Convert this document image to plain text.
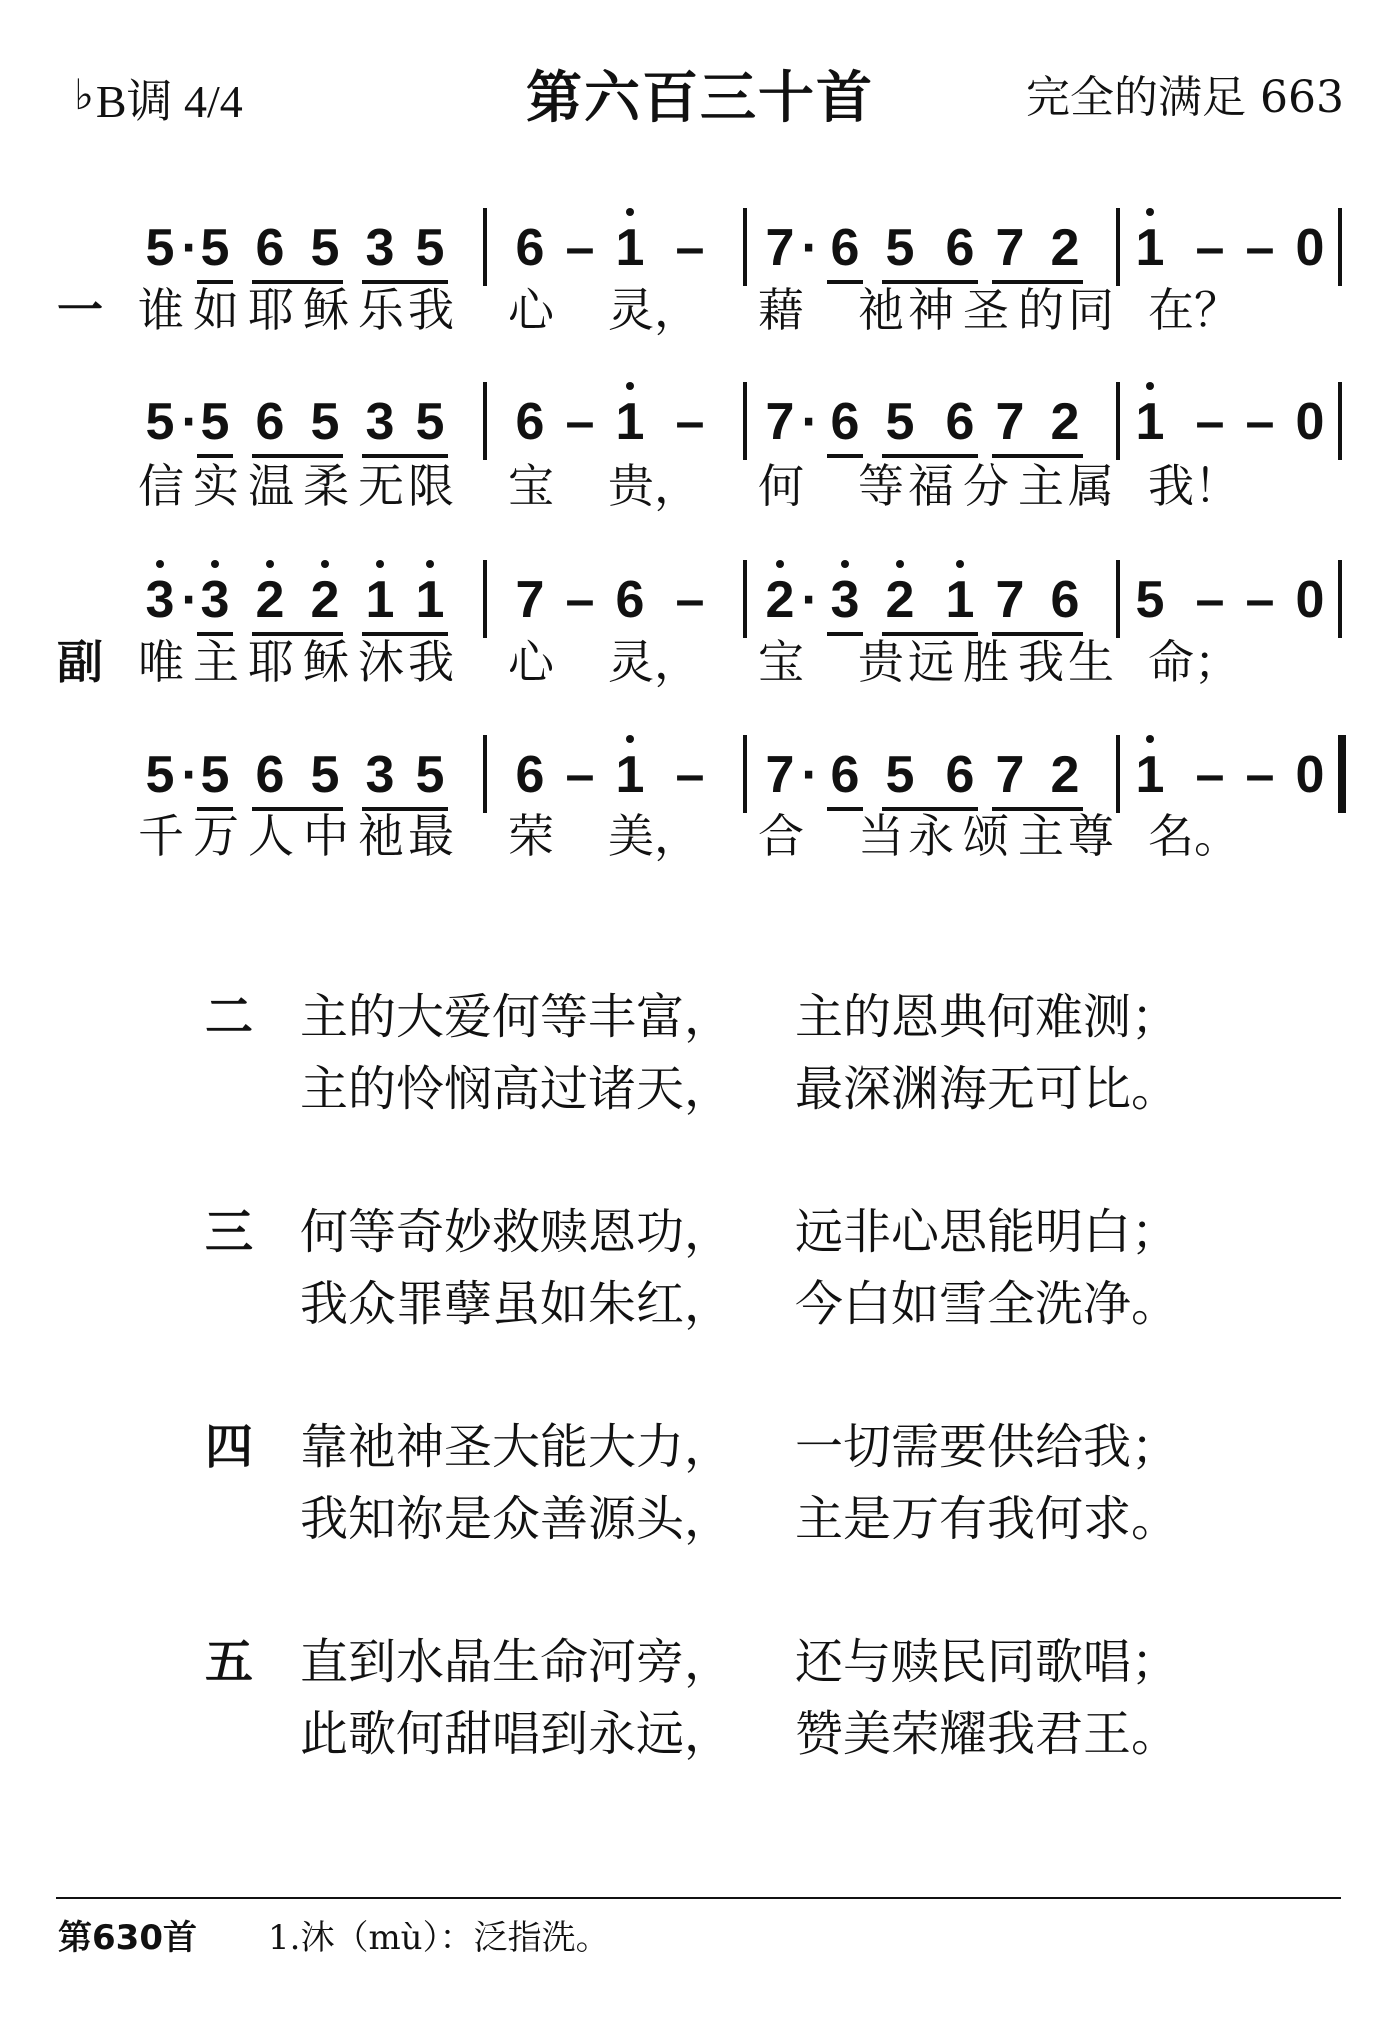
♭B调 4/4	第六百三十首	完全的满足 663
5 · 5 6 5 3 5 6 – 1 – 7 · 6 5 6 7 2 1 – – 0
一 谁 如 耶 稣 乐 我 心 灵， 藉 祂 神 圣 的 同 在？
5 · 5 6 5 3 5 6 – 1 – 7 · 6 5 6 7 2 1 – – 0
信 实 温 柔 无 限 宝 贵， 何 等 福 分 主 属 我！
3 · 3 2 2 1 1 7 – 6 – 2 · 3 2 1 7 6 5 – – 0
副 唯 主 耶 稣 沐 我 心 灵， 宝 贵 远 胜 我 生 命；
5 · 5 6 5 3 5 6 – 1 – 7 · 6 5 6 7 2 1 – – 0
千 万 人 中 祂 最 荣 美， 合 当 永 颂 主 尊 名。
二 主的大爱何等丰富， 主的恩典何难测；
主的怜悯高过诸天， 最深渊海无可比。
三 何等奇妙救赎恩功， 远非心思能明白；
我众罪孽虽如朱红， 今白如雪全洗净。
四 靠祂神圣大能大力， 一切需要供给我；
我知祢是众善源头， 主是万有我何求。
五 直到水晶生命河旁， 还与赎民同歌唱；
此歌何甜唱到永远， 赞美荣耀我君王。
第630首 1.沐（mù）：泛指洗。
